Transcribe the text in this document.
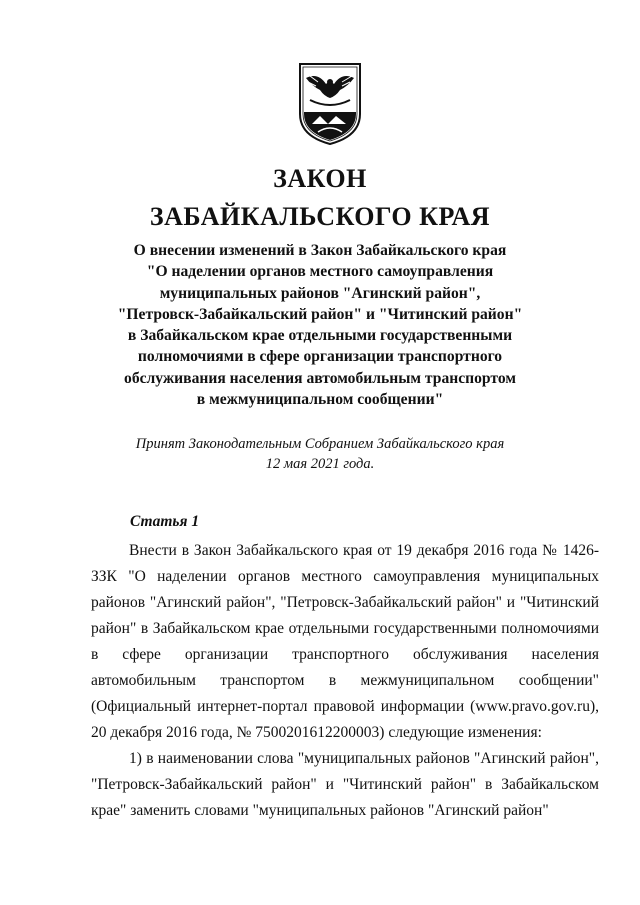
ЗАКОН
ЗАБАЙКАЛЬСКОГО КРАЯ
О внесении изменений в Закон Забайкальского края
"О наделении органов местного самоуправления
муниципальных районов "Агинский район",
"Петровск-Забайкальский район" и "Читинский район"
в Забайкальском крае отдельными государственными
полномочиями в сфере организации транспортного
обслуживания населения автомобильным транспортом
в межмуниципальном сообщении"
Принят Законодательным Собранием Забайкальского края
12 мая 2021 года.
Статья 1

Внести в Закон Забайкальского края от 19 декабря 2016 года № 1426-ЗЗК "О наделении органов местного самоуправления муниципальных районов "Агинский район", "Петровск-Забайкальский район" и "Читинский район" в Забайкальском крае отдельными государственными полномочиями в сфере организации транспортного обслуживания населения автомобильным транспортом в межмуниципальном сообщении" (Официальный интернет-портал правовой информации (www.pravo.gov.ru), 20 декабря 2016 года, № 7500201612200003) следующие изменения:

1) в наименовании слова "муниципальных районов "Агинский район", "Петровск-Забайкальский район" и "Читинский район" в Забайкальском крае" заменить словами "муниципальных районов "Агинский район"
